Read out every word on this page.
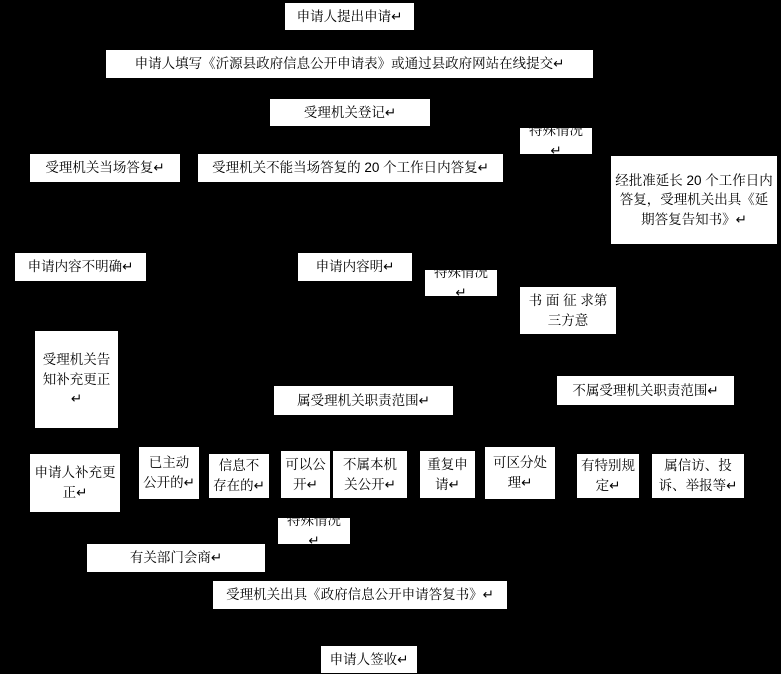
申请人提出申请↵
申请人填写《沂源县政府信息公开申请表》或通过县政府网站在线提交↵
受理机关登记↵
特殊情况↵
受理机关当场答复↵	受理机关不能当场答复的 20 个工作日内答复↵
经批准延长 20 个工作日内答复，受理机关出具《延期答复告知书》↵
申请内容不明确↵	申请内容明↵	特殊情况↵
书 面 征 求第三方意
受理机关告知补充更正↵	属受理机关职责范围↵
不属受理机关职责范围↵
申请人补充更正↵
已主动公开的↵
信息不存在的↵
可以公开↵
不属本机关公开↵
重复申请↵
可区分处理↵
有特别规定↵
属信访、投诉、举报等↵
特殊情况↵
有关部门会商↵
受理机关出具《政府信息公开申请答复书》↵
申请人签收↵
